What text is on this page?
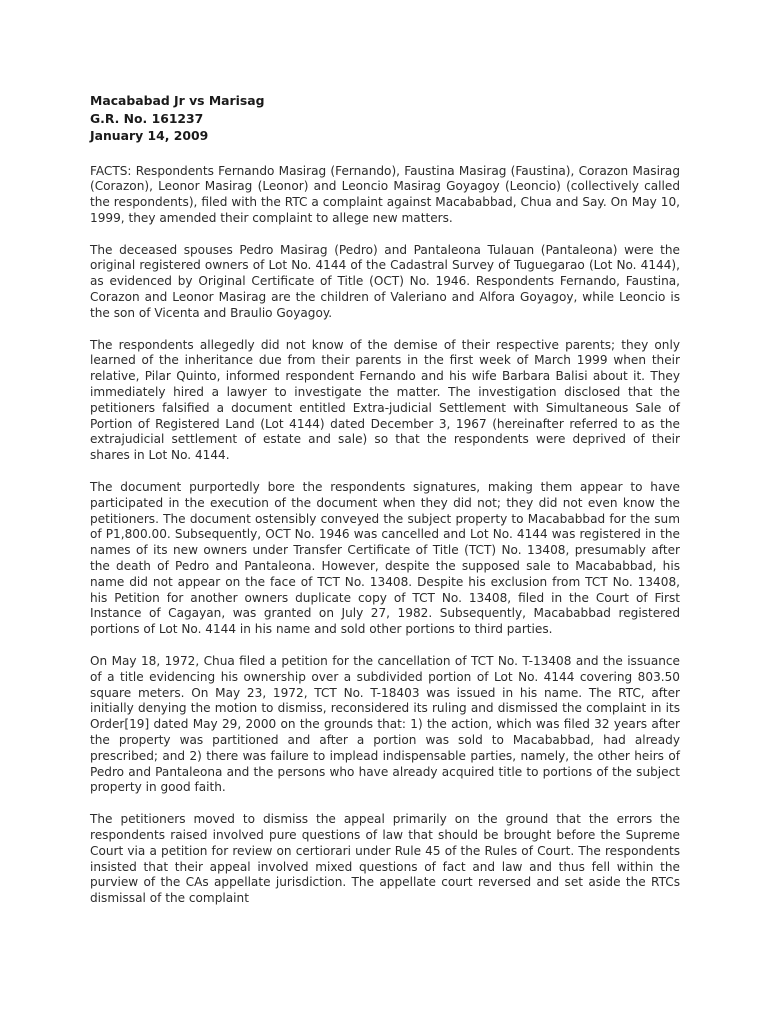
Macababad Jr vs Marisag
G.R. No. 161237
January 14, 2009

FACTS: Respondents Fernando Masirag (Fernando), Faustina Masirag (Faustina), Corazon Masirag (Corazon), Leonor Masirag (Leonor) and Leoncio Masirag Goyagoy (Leoncio) (collectively called the respondents), filed with the RTC a complaint against Macababbad, Chua and Say. On May 10, 1999, they amended their complaint to allege new matters.

The deceased spouses Pedro Masirag (Pedro) and Pantaleona Tulauan (Pantaleona) were the original registered owners of Lot No. 4144 of the Cadastral Survey of Tuguegarao (Lot No. 4144), as evidenced by Original Certificate of Title (OCT) No. 1946. Respondents Fernando, Faustina, Corazon and Leonor Masirag are the children of Valeriano and Alfora Goyagoy, while Leoncio is the son of Vicenta and Braulio Goyagoy.

The respondents allegedly did not know of the demise of their respective parents; they only learned of the inheritance due from their parents in the first week of March 1999 when their relative, Pilar Quinto, informed respondent Fernando and his wife Barbara Balisi about it. They immediately hired a lawyer to investigate the matter. The investigation disclosed that the petitioners falsified a document entitled Extra-judicial Settlement with Simultaneous Sale of Portion of Registered Land (Lot 4144) dated December 3, 1967 (hereinafter referred to as the extrajudicial settlement of estate and sale) so that the respondents were deprived of their shares in Lot No. 4144.

The document purportedly bore the respondents signatures, making them appear to have participated in the execution of the document when they did not; they did not even know the petitioners. The document ostensibly conveyed the subject property to Macababbad for the sum of P1,800.00. Subsequently, OCT No. 1946 was cancelled and Lot No. 4144 was registered in the names of its new owners under Transfer Certificate of Title (TCT) No. 13408, presumably after the death of Pedro and Pantaleona. However, despite the supposed sale to Macababbad, his name did not appear on the face of TCT No. 13408. Despite his exclusion from TCT No. 13408, his Petition for another owners duplicate copy of TCT No. 13408, filed in the Court of First Instance of Cagayan, was granted on July 27, 1982. Subsequently, Macababbad registered portions of Lot No. 4144 in his name and sold other portions to third parties.

On May 18, 1972, Chua filed a petition for the cancellation of TCT No. T-13408 and the issuance of a title evidencing his ownership over a subdivided portion of Lot No. 4144 covering 803.50 square meters. On May 23, 1972, TCT No. T-18403 was issued in his name. The RTC, after initially denying the motion to dismiss, reconsidered its ruling and dismissed the complaint in its Order[19] dated May 29, 2000 on the grounds that: 1) the action, which was filed 32 years after the property was partitioned and after a portion was sold to Macababbad, had already prescribed; and 2) there was failure to implead indispensable parties, namely, the other heirs of Pedro and Pantaleona and the persons who have already acquired title to portions of the subject property in good faith.

The petitioners moved to dismiss the appeal primarily on the ground that the errors the respondents raised involved pure questions of law that should be brought before the Supreme Court via a petition for review on certiorari under Rule 45 of the Rules of Court. The respondents insisted that their appeal involved mixed questions of fact and law and thus fell within the purview of the CAs appellate jurisdiction. The appellate court reversed and set aside the RTCs dismissal of the complaint
